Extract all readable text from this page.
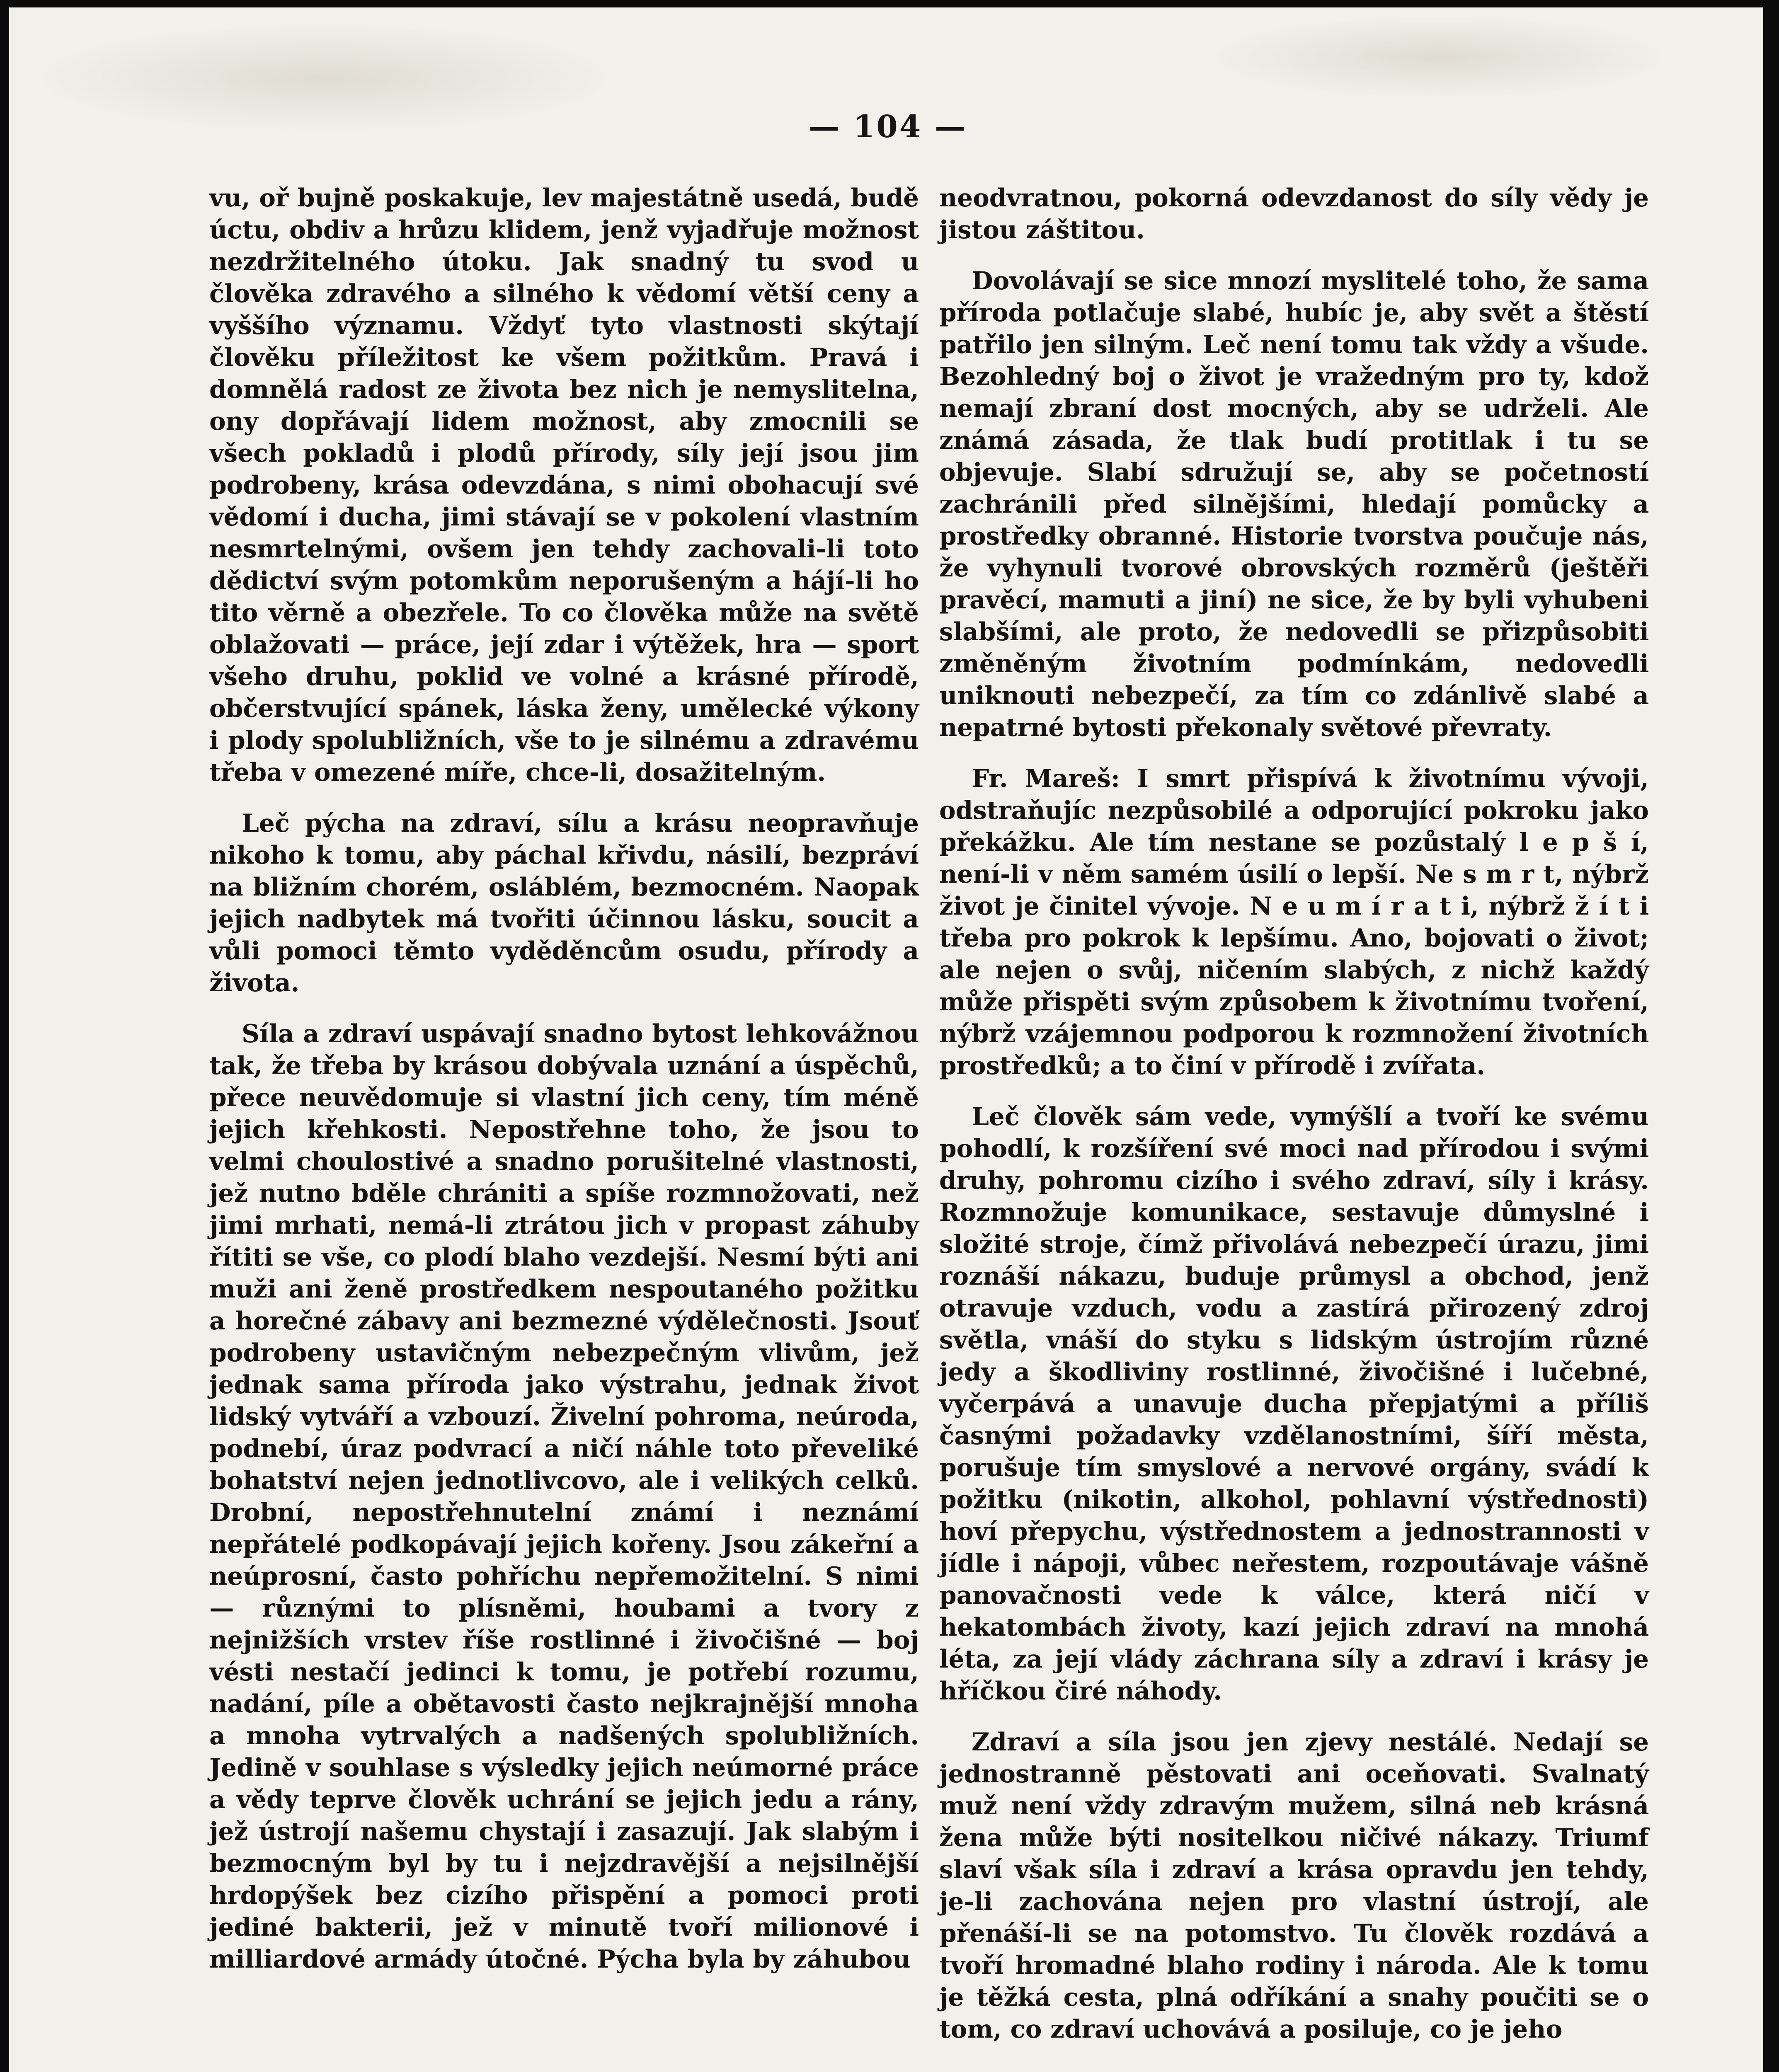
— 104 —

vu, oř bujně poskakuje, lev majestátně usedá, budě úctu, obdiv a hrůzu klidem, jenž vyjadřuje možnost nezdržitelného útoku. Jak snadný tu svod u člověka zdravého a silného k vědomí větší ceny a vyššího významu. Vždyť tyto vlastnosti skýtají člověku příležitost ke všem požitkům. Pravá i domnělá radost ze života bez nich je nemyslitelna, ony dopřávají lidem možnost, aby zmocnili se všech pokladů i plodů přírody, síly její jsou jim podrobeny, krása odevzdána, s nimi obohacují své vědomí i ducha, jimi stávají se v pokolení vlastním nesmrtelnými, ovšem jen tehdy zachovali-li toto dědictví svým potomkům neporušeným a hájí-li ho tito věrně a obezřele. To co člověka může na světě oblažovati — práce, její zdar i výtěžek, hra — sport všeho druhu, poklid ve volné a krásné přírodě, občerstvující spánek, láska ženy, umělecké výkony i plody spolubližních, vše to je silnému a zdravému třeba v omezené míře, chce-li, dosažitelným.

Leč pýcha na zdraví, sílu a krásu neopravňuje nikoho k tomu, aby páchal křivdu, násilí, bezpráví na bližním chorém, osláblém, bezmocném. Naopak jejich nadbytek má tvořiti účinnou lásku, soucit a vůli pomoci těmto vyděděncům osudu, přírody a života.

Síla a zdraví uspávají snadno bytost lehkovážnou tak, že třeba by krásou dobývala uznání a úspěchů, přece neuvědomuje si vlastní jich ceny, tím méně jejich křehkosti. Nepostřehne toho, že jsou to velmi choulostivé a snadno porušitelné vlastnosti, jež nutno bděle chrániti a spíše rozmnožovati, než jimi mrhati, nemá-li ztrátou jich v propast záhuby řítiti se vše, co plodí blaho vezdejší. Nesmí býti ani muži ani ženě prostředkem nespoutaného požitku a horečné zábavy ani bezmezné výdělečnosti. Jsouť podrobeny ustavičným nebezpečným vlivům, jež jednak sama příroda jako výstrahu, jednak život lidský vytváří a vzbouzí. Živelní pohroma, neúroda, podnebí, úraz podvrací a ničí náhle toto převeliké bohatství nejen jednotlivcovo, ale i velikých celků. Drobní, nepostřehnutelní známí i neznámí nepřátelé podkopávají jejich kořeny. Jsou zákeřní a neúprosní, často pohříchu nepřemožitelní. S nimi — různými to plísněmi, houbami a tvory z nejnižších vrstev říše rostlinné i živočišné — boj vésti nestačí jedinci k tomu, je potřebí rozumu, nadání, píle a obětavosti často nejkrajnější mnoha a mnoha vytrvalých a nadšených spolubližních. Jedině v souhlase s výsledky jejich neúmorné práce a vědy teprve člověk uchrání se jejich jedu a rány, jež ústrojí našemu chystají i zasazují. Jak slabým i bezmocným byl by tu i nejzdravější a nejsilnější hrdopýšek bez cizího přispění a pomoci proti jediné bakterii, jež v minutě tvoří milionové i milliardové armády útočné. Pýcha byla by záhubou

neodvratnou, pokorná odevzdanost do síly vědy je jistou záštitou.

Dovolávají se sice mnozí myslitelé toho, že sama příroda potlačuje slabé, hubíc je, aby svět a štěstí patřilo jen silným. Leč není tomu tak vždy a všude. Bezohledný boj o život je vražedným pro ty, kdož nemají zbraní dost mocných, aby se udrželi. Ale známá zásada, že tlak budí protitlak i tu se objevuje. Slabí sdružují se, aby se početností zachránili před silnějšími, hledají pomůcky a prostředky obranné. Historie tvorstva poučuje nás, že vyhynuli tvorové obrovských rozměrů (ještěři pravěcí, mamuti a jiní) ne sice, že by byli vyhubeni slabšími, ale proto, že nedovedli se přizpůsobiti změněným životním podmínkám, nedovedli uniknouti nebezpečí, za tím co zdánlivě slabé a nepatrné bytosti překonaly světové převraty.

Fr. Mareš: I smrt přispívá k životnímu vývoji, odstraňujíc nezpůsobilé a odporující pokroku jako překážku. Ale tím nestane se pozůstalý l e p š í, není-li v něm samém úsilí o lepší. Ne s m r t, nýbrž život je činitel vývoje. N e u m í r a t i, nýbrž ž í t i třeba pro pokrok k lepšímu. Ano, bojovati o život; ale nejen o svůj, ničením slabých, z nichž každý může přispěti svým způsobem k životnímu tvoření, nýbrž vzájemnou podporou k rozmnožení životních prostředků; a to činí v přírodě i zvířata.

Leč člověk sám vede, vymýšlí a tvoří ke svému pohodlí, k rozšíření své moci nad přírodou i svými druhy, pohromu cizího i svého zdraví, síly i krásy. Rozmnožuje komunikace, sestavuje důmyslné i složité stroje, čímž přivolává nebezpečí úrazu, jimi roznáší nákazu, buduje průmysl a obchod, jenž otravuje vzduch, vodu a zastírá přirozený zdroj světla, vnáší do styku s lidským ústrojím různé jedy a škodliviny rostlinné, živočišné i lučebné, vyčerpává a unavuje ducha přepjatými a příliš časnými požadavky vzdělanostními, šíří města, porušuje tím smyslové a nervové orgány, svádí k požitku (nikotin, alkohol, pohlavní výstřednosti) hoví přepychu, výstřednostem a jednostrannosti v jídle i nápoji, vůbec neřestem, rozpoutávaje vášně panovačnosti vede k válce, která ničí v hekatombách životy, kazí jejich zdraví na mnohá léta, za její vlády záchrana síly a zdraví i krásy je hříčkou čiré náhody.

Zdraví a síla jsou jen zjevy nestálé. Nedají se jednostranně pěstovati ani oceňovati. Svalnatý muž není vždy zdravým mužem, silná neb krásná žena může býti nositelkou ničivé nákazy. Triumf slaví však síla i zdraví a krása opravdu jen tehdy, je-li zachována nejen pro vlastní ústrojí, ale přenáší-li se na potomstvo. Tu člověk rozdává a tvoří hromadné blaho rodiny i národa. Ale k tomu je těžká cesta, plná odříkání a snahy poučiti se o tom, co zdraví uchovává a posiluje, co je jeho
